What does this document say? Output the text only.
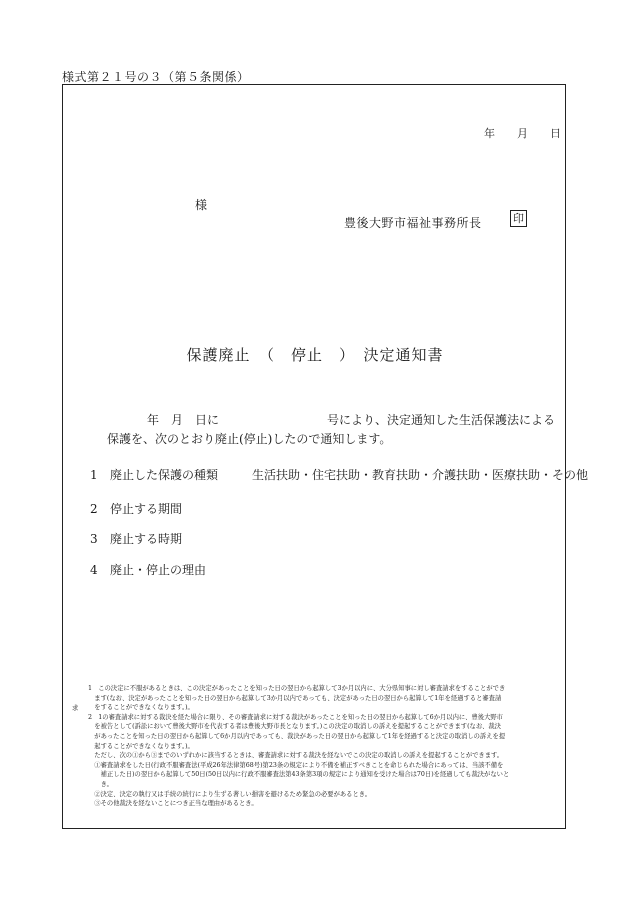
様式第２１号の３（第５条関係）
年　　月　　日
様
豊後大野市福祉事務所長	印
保護廃止　（　停止　）　決定通知書
年　月　日に　　　　　　　　　号により、決定通知した生活保護法による
保護を、次のとおり廃止(停止)したので通知します。
1 廃止した保護の種類	生活扶助・住宅扶助・教育扶助・介護扶助・医療扶助・その他
2 停止する期間
3 廃止する時期
4 廃止・停止の理由
求
1　この決定に不服があるときは、この決定があったことを知った日の翌日から起算して3か月以内に、大分県知事に対し審査請求をすることができ
　ます(なお、決定があったことを知った日の翌日から起算して3か月以内であっても、決定があった日の翌日から起算して1年を経過すると審査請
　をすることができなくなります。)。
2　1の審査請求に対する裁決を経た場合に限り、その審査請求に対する裁決があったことを知った日の翌日から起算して6か月以内に、豊後大野市
　を被告として(訴訟において豊後大野市を代表する者は豊後大野市長となります。)この決定の取消しの訴えを提起することができます(なお、裁決
　があったことを知った日の翌日から起算して6か月以内であっても、裁決があった日の翌日から起算して1年を経過すると決定の取消しの訴えを提
　起することができなくなります。)。
　ただし、次の①から③までのいずれかに該当するときは、審査請求に対する裁決を経ないでこの決定の取消しの訴えを提起することができます。
　①審査請求をした日(行政不服審査法(平成26年法律第68号)第23条の規定により不備を補正すべきことを命じられた場合にあっては、当該不備を
　　補正した日)の翌日から起算して50日(50日以内に行政不服審査法第43条第3項の規定により通知を受けた場合は70日)を経過しても裁決がないと
　　き。
　②決定、決定の執行又は手続の続行により生ずる著しい損害を避けるため緊急の必要があるとき。
　③その他裁決を経ないことにつき正当な理由があるとき。
